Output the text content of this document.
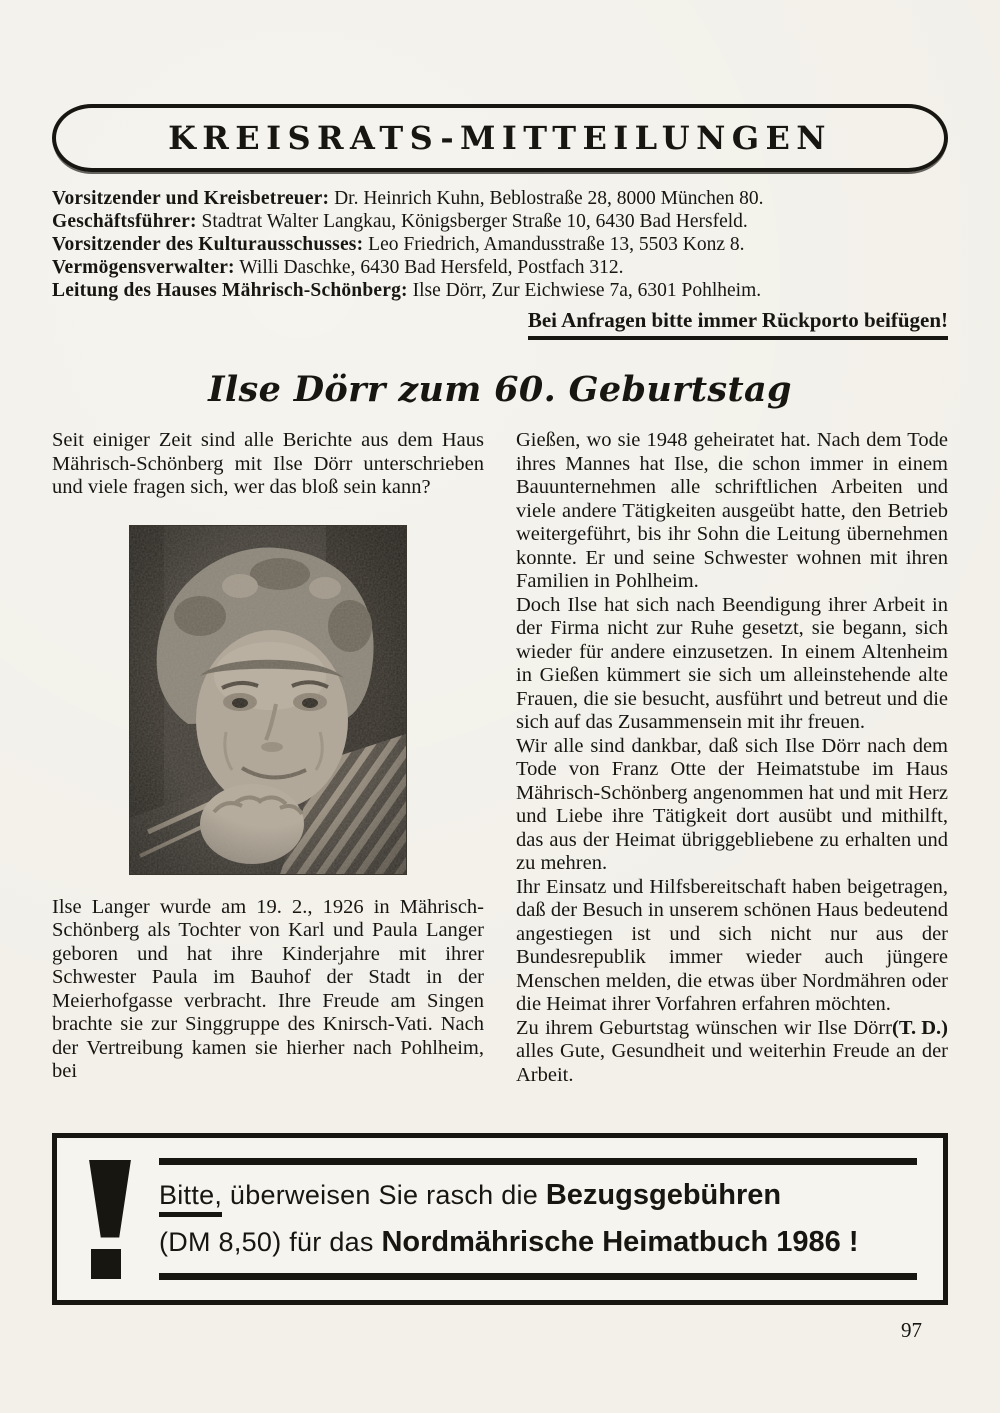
KREISRATS-MITTEILUNGEN

Vorsitzender und Kreisbetreuer: Dr. Heinrich Kuhn, Beblostraße 28, 8000 München 80.

Geschäftsführer: Stadtrat Walter Langkau, Königsberger Straße 10, 6430 Bad Hersfeld.

Vorsitzender des Kulturausschusses: Leo Friedrich, Amandusstraße 13, 5503 Konz 8.

Vermögensverwalter: Willi Daschke, 6430 Bad Hersfeld, Postfach 312.

Leitung des Hauses Mährisch-Schönberg: Ilse Dörr, Zur Eichwiese 7a, 6301 Pohlheim.

Bei Anfragen bitte immer Rückporto beifügen!
Ilse Dörr zum 60. Geburtstag

Seit einiger Zeit sind alle Berichte aus dem Haus Mährisch-Schönberg mit Ilse Dörr unterschrieben und viele fragen sich, wer das bloß sein kann?

Ilse Langer wurde am 19. 2., 1926 in Mährisch-Schönberg als Tochter von Karl und Paula Langer geboren und hat ihre Kinderjahre mit ihrer Schwester Paula im Bauhof der Stadt in der Meierhofgasse verbracht. Ihre Freude am Singen brachte sie zur Singgruppe des Knirsch-Vati. Nach der Vertreibung kamen sie hierher nach Pohlheim, bei

Gießen, wo sie 1948 geheiratet hat. Nach dem Tode ihres Mannes hat Ilse, die schon immer in einem Bauunternehmen alle schriftlichen Arbeiten und viele andere Tätigkeiten ausgeübt hatte, den Betrieb weitergeführt, bis ihr Sohn die Leitung übernehmen konnte. Er und seine Schwester wohnen mit ihren Familien in Pohlheim.

Doch Ilse hat sich nach Beendigung ihrer Arbeit in der Firma nicht zur Ruhe gesetzt, sie begann, sich wieder für andere einzusetzen. In einem Altenheim in Gießen kümmert sie sich um alleinstehende alte Frauen, die sie besucht, ausführt und betreut und die sich auf das Zusammensein mit ihr freuen.

Wir alle sind dankbar, daß sich Ilse Dörr nach dem Tode von Franz Otte der Heimatstube im Haus Mährisch-Schönberg angenommen hat und mit Herz und Liebe ihre Tätigkeit dort ausübt und mithilft, das aus der Heimat übriggebliebene zu erhalten und zu mehren.

Ihr Einsatz und Hilfsbereitschaft haben beigetragen, daß der Besuch in unserem schönen Haus bedeutend angestiegen ist und sich nicht nur aus der Bundesrepublik immer wieder auch jüngere Menschen melden, die etwas über Nordmähren oder die Heimat ihrer Vorfahren erfahren möchten.

(T. D.)
Zu ihrem Geburtstag wünschen wir Ilse Dörr alles Gute, Gesundheit und weiterhin Freude an der Arbeit.

Bitte, überweisen Sie rasch die Bezugsgebühren

(DM 8,50) für das Nordmährische Heimatbuch 1986 !

97
